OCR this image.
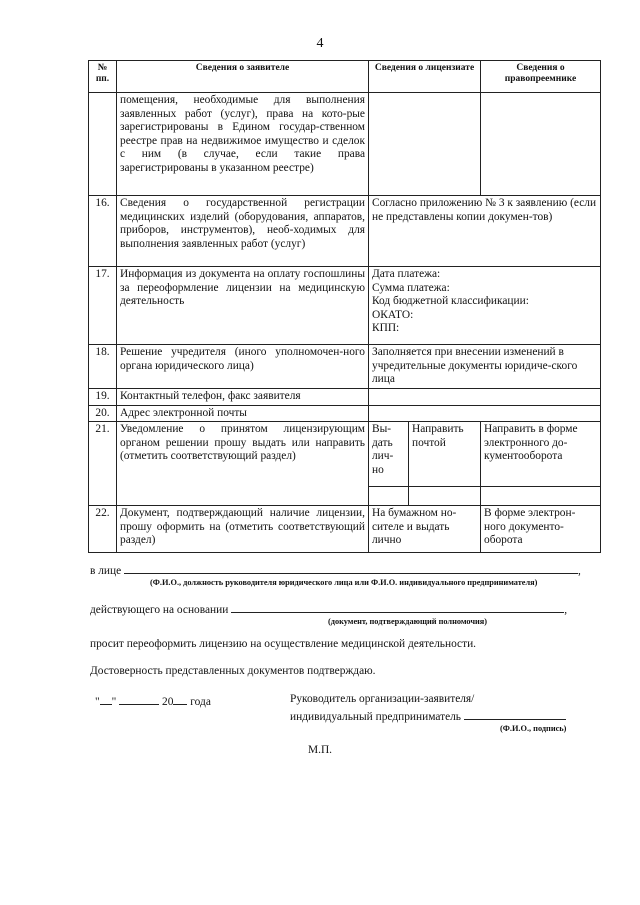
4
№ пп.	Сведения о заявителе	Сведения о лицензиате		Сведения о правопреемнике
	помещения, необходимые для выполнения заявленных работ (услуг), права на кото-рые зарегистрированы в Едином государ-ственном реестре прав на недвижимое имущество и сделок с ним (в случае, если такие права зарегистрированы в указанном реестре)			
16.	Сведения о государственной регистрации медицинских изделий (оборудования, аппаратов, приборов, инструментов), необ-ходимых для выполнения заявленных работ (услуг)	Согласно приложению № 3 к заявлению (если не представлены копии докумен-тов)		
17.	Информация из документа на оплату госпошлины за переоформление лицензии на медицинскую деятельность	Дата платежа:
Сумма платежа:
Код бюджетной классификации:
ОКАТО:
КПП:		
18.	Решение учредителя (иного уполномочен-ного органа юридического лица)	Заполняется при внесении изменений в учредительные документы юридиче-ского лица		
19.	Контактный телефон, факс заявителя			
20.	Адрес электронной почты			
21.	Уведомление о принятом лицензирующим органом решении прошу выдать или направить (отметить соответствующий раздел)	Вы-дать лич-но	Направить почтой	Направить в форме электронного до-кументооборота

22.	Документ, подтверждающий наличие лицензии, прошу оформить на (отметить соответствующий раздел)	На бумажном но-сителе и выдать лично		В форме электрон-ного документо-оборота
в лице	,
(Ф.И.О., должность руководителя юридического лица или Ф.И.О. индивидуального предпринимателя)
действующего на основании	,
(документ, подтверждающий полномочия)
просит переоформить лицензию на осуществление медицинской деятельности.
Достоверность представленных документов подтверждаю.
" "	20 года	Руководитель организации-заявителя/
индивидуальный предприниматель
(Ф.И.О., подпись)
М.П.
